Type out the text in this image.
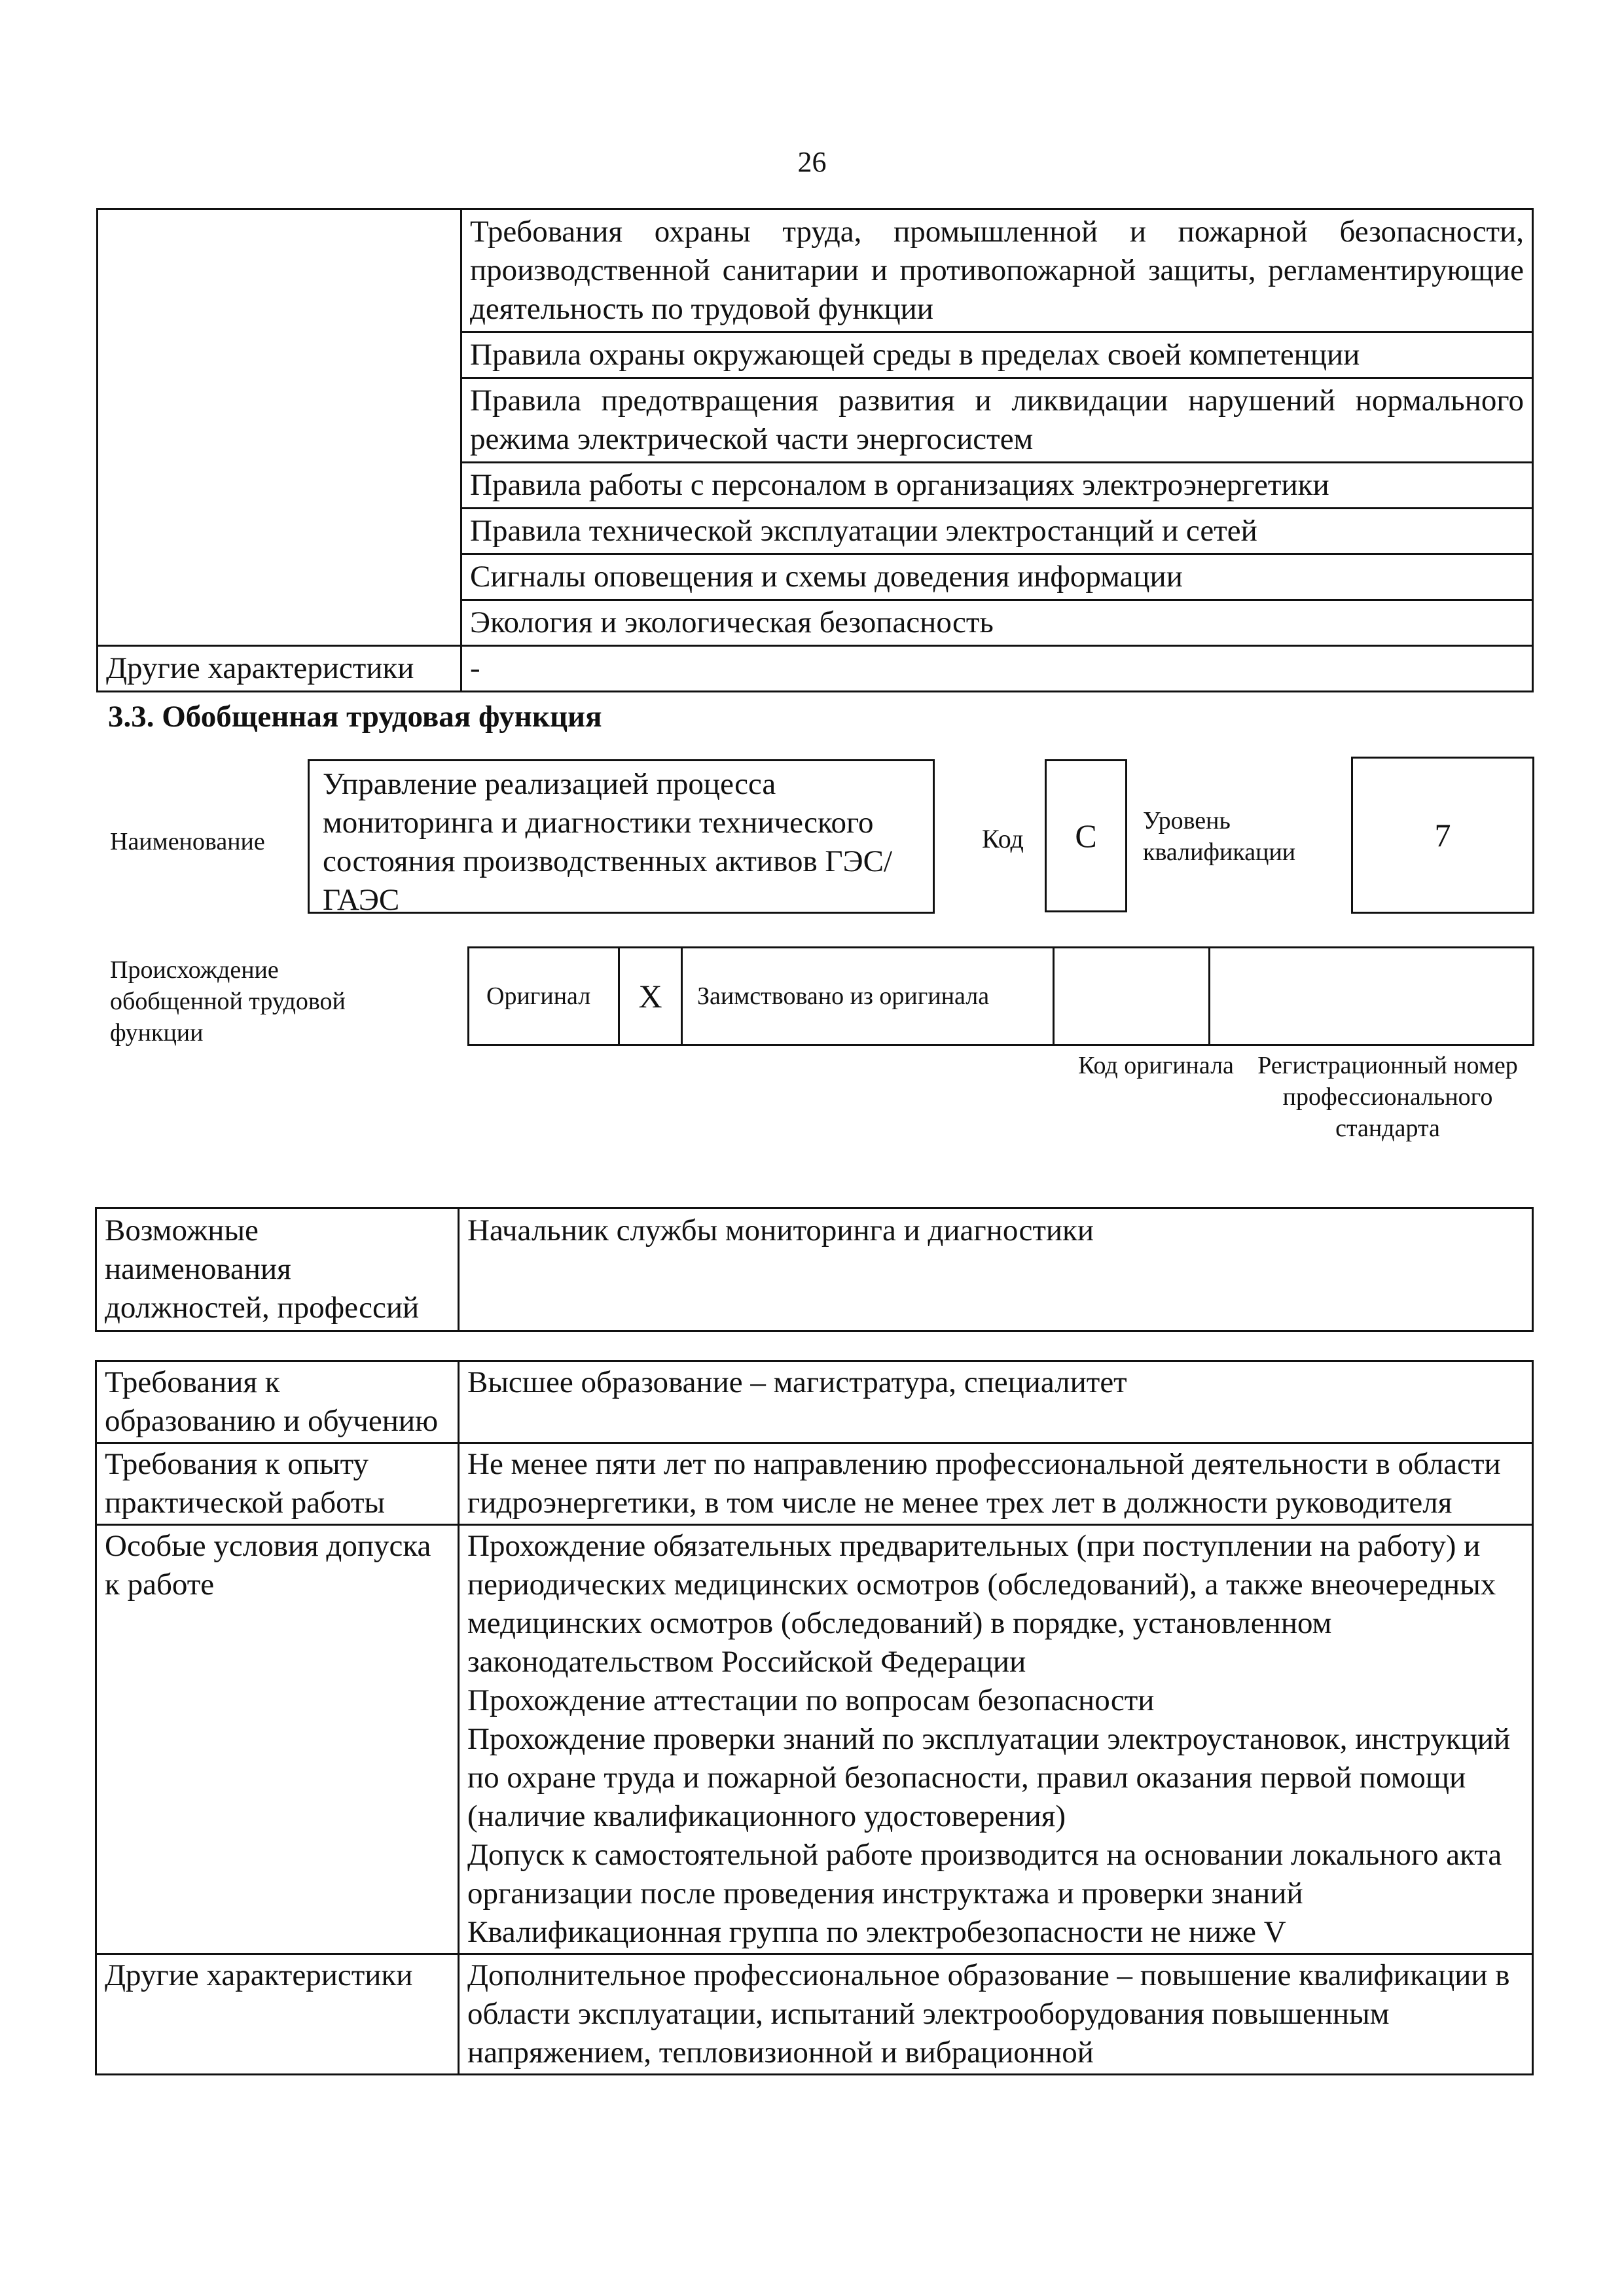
26
	Требования охраны труда, промышленной и пожарной безопасности, производственной санитарии и противопожарной защиты, регламентирующие деятельность по трудовой функции
	Правила охраны окружающей среды в пределах своей компетенции
	Правила предотвращения развития и ликвидации нарушений нормального режима электрической части энергосистем
	Правила работы с персоналом в организациях электроэнергетики
	Правила технической эксплуатации электростанций и сетей
	Сигналы оповещения и схемы доведения информации
	Экология и экологическая безопасность
Другие характеристики	-
3.3. Обобщенная трудовая функция
Наименование
Управление реализацией процесса мониторинга и диагностики технического состояния производственных активов ГЭС/ГАЭС
Код	C	Уровень квалификации	7
Происхождение обобщенной трудовой функции
Оригинал	X	Заимствовано из оригинала
Код оригинала Регистрационный номер профессионального стандарта
Возможные наименования должностей, профессий	Начальник службы мониторинга и диагностики
Требования к образованию и обучению	Высшее образование – магистратура, специалитет
Требования к опыту практической работы	Не менее пяти лет по направлению профессиональной деятельности в области гидроэнергетики, в том числе не менее трех лет в должности руководителя
Особые условия допуска к работе	Прохождение обязательных предварительных (при поступлении на работу) и периодических медицинских осмотров (обследований), а также внеочередных медицинских осмотров (обследований) в порядке, установленном законодательством Российской Федерации
Прохождение аттестации по вопросам безопасности
Прохождение проверки знаний по эксплуатации электроустановок, инструкций по охране труда и пожарной безопасности, правил оказания первой помощи (наличие квалификационного удостоверения)
Допуск к самостоятельной работе производится на основании локального акта организации после проведения инструктажа и проверки знаний
Квалификационная группа по электробезопасности не ниже V

Другие характеристики	Дополнительное профессиональное образование – повышение квалификации в области эксплуатации, испытаний электрооборудования повышенным напряжением, тепловизионной и вибрационной
